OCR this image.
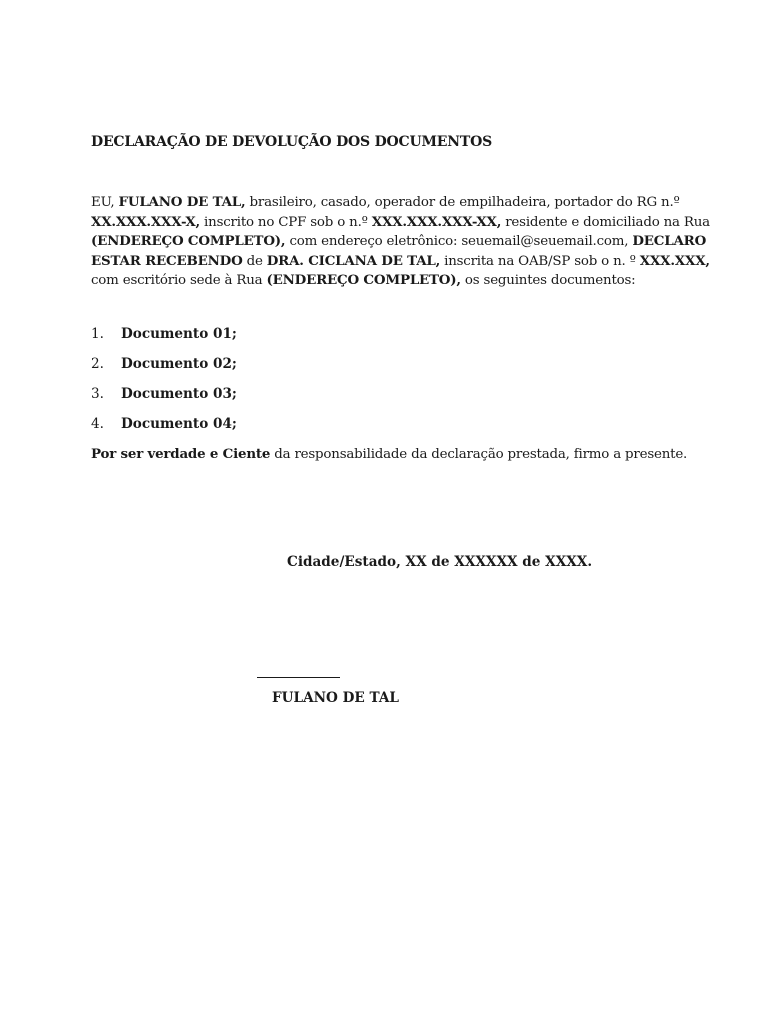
DECLARAÇÃO DE DEVOLUÇÃO DOS DOCUMENTOS
EU, FULANO DE TAL, brasileiro, casado, operador de empilhadeira, portador do RG n.º
XX.XXX.XXX-X, inscrito no CPF sob o n.º XXX.XXX.XXX-XX, residente e domiciliado na Rua
(ENDEREÇO COMPLETO), com endereço eletrônico: seuemail@seuemail.com, DECLARO
ESTAR RECEBENDO de DRA. CICLANA DE TAL, inscrita na OAB/SP sob o n. º XXX.XXX,
com escritório sede à Rua (ENDEREÇO COMPLETO), os seguintes documentos:
1. Documento 01;
2. Documento 02;
3. Documento 03;
4. Documento 04;
Por ser verdade e Ciente da responsabilidade da declaração prestada, firmo a presente.
Cidade/Estado, XX de XXXXXX de XXXX.
FULANO DE TAL
